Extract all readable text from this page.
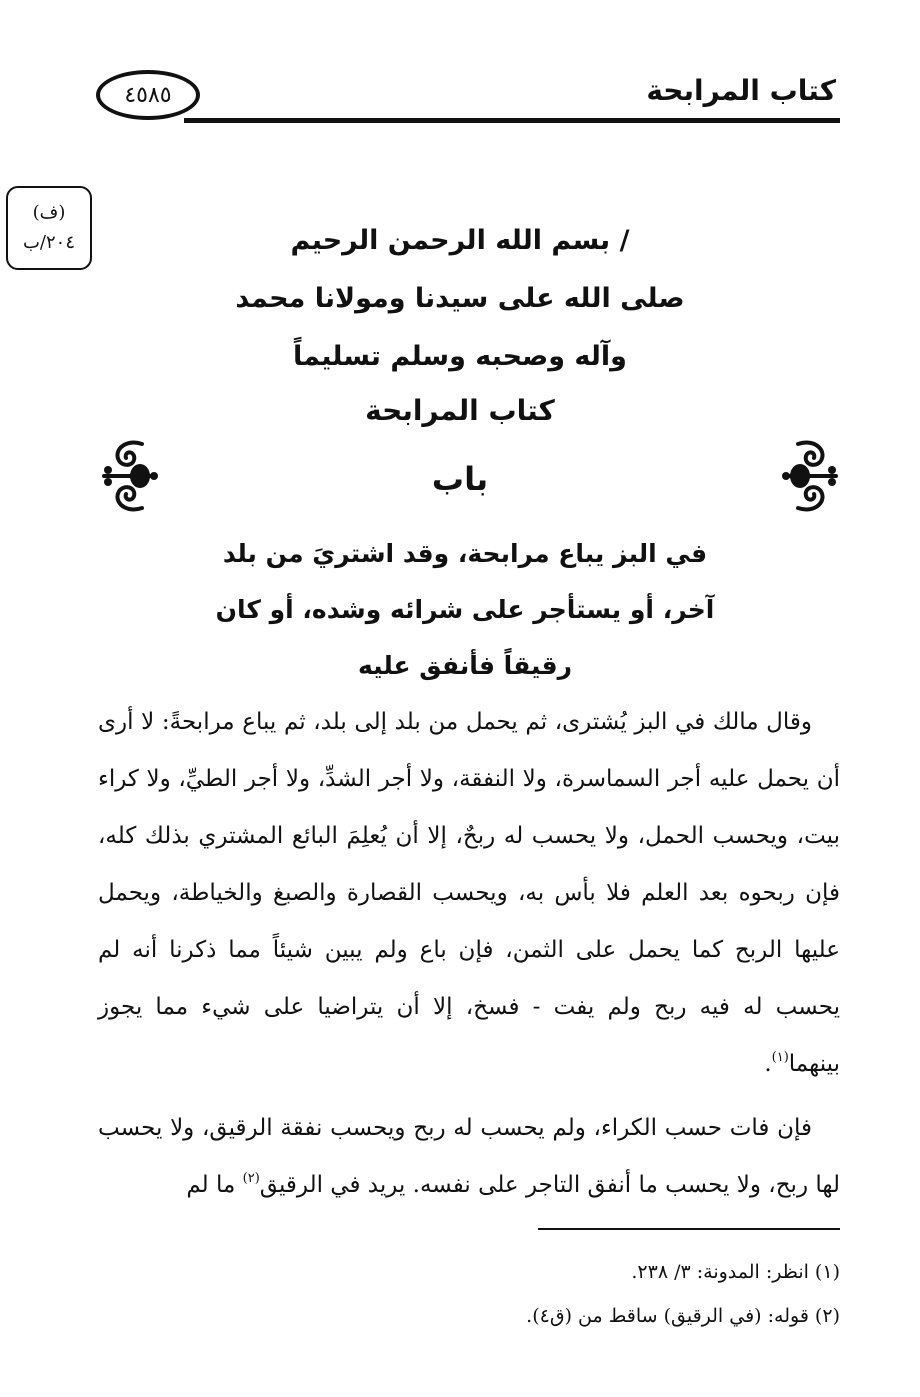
٤٥٨٥	كتاب المرابحة
(ف)
٢٠٤/ب	/ بسم الله الرحمن الرحيم
صلى الله على سيدنا ومولانا محمد
وآله وصحبه وسلم تسليماً
كتاب المرابحة
باب
في البز يباع مرابحة، وقد اشتريَ من بلد
آخر، أو يستأجر على شرائه وشده، أو كان
رقيقاً فأنفق عليه
وقال مالك في البز يُشترى، ثم يحمل من بلد إلى بلد، ثم يباع مرابحةً: لا أرى أن يحمل عليه أجر السماسرة، ولا النفقة، ولا أجر الشدِّ، ولا أجر الطيِّ، ولا كراء بيت، ويحسب الحمل، ولا يحسب له ربحٌ، إلا أن يُعلِمَ البائع المشتري بذلك كله، فإن ربحوه بعد العلم فلا بأس به، ويحسب القصارة والصبغ والخياطة، ويحمل عليها الربح كما يحمل على الثمن، فإن باع ولم يبين شيئاً مما ذكرنا أنه لم يحسب له فيه ربح ولم يفت - فسخ، إلا أن يتراضيا على شيء مما يجوز بينهما$^{(١)}$.
فإن فات حسب الكراء، ولم يحسب له ربح ويحسب نفقة الرقيق، ولا يحسب لها ربح، ولا يحسب ما أنفق التاجر على نفسه. يريد في الرقيق$^{(٢)}$ ما لم
(١) انظر: المدونة: ٣/ ٢٣٨.
(٢) قوله: (في الرقيق) ساقط من (ق٤).
